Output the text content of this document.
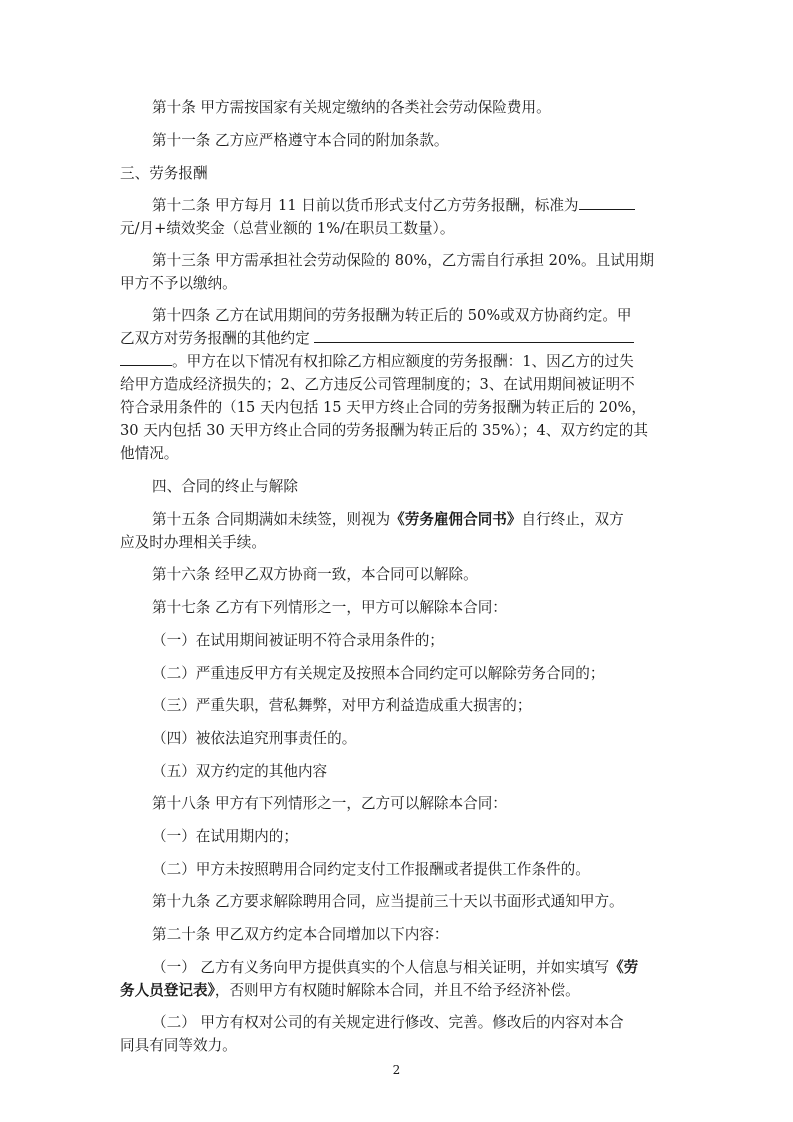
第十条 甲方需按国家有关规定缴纳的各类社会劳动保险费用。

第十一条 乙方应严格遵守本合同的附加条款。

三、劳务报酬

第十二条 甲方每月 11 日前以货币形式支付乙方劳务报酬，标准为

元/月+绩效奖金（总营业额的 1%/在职员工数量）。

第十三条 甲方需承担社会劳动保险的 80%，乙方需自行承担 20%。且试用期

甲方不予以缴纳。

第十四条 乙方在试用期间的劳务报酬为转正后的 50%或双方协商约定。甲

乙双方对劳务报酬的其他约定

。甲方在以下情况有权扣除乙方相应额度的劳务报酬：1、因乙方的过失

给甲方造成经济损失的；2、乙方违反公司管理制度的；3、在试用期间被证明不

符合录用条件的（15 天内包括 15 天甲方终止合同的劳务报酬为转正后的 20%，

30 天内包括 30 天甲方终止合同的劳务报酬为转正后的 35%）；4、双方约定的其

他情况。

四、合同的终止与解除

第十五条 合同期满如未续签，则视为《劳务雇佣合同书》自行终止，双方

应及时办理相关手续。

第十六条 经甲乙双方协商一致，本合同可以解除。

第十七条 乙方有下列情形之一，甲方可以解除本合同：

（一）在试用期间被证明不符合录用条件的；

（二）严重违反甲方有关规定及按照本合同约定可以解除劳务合同的；

（三）严重失职，营私舞弊，对甲方利益造成重大损害的；

（四）被依法追究刑事责任的。

（五）双方约定的其他内容

第十八条 甲方有下列情形之一，乙方可以解除本合同：

（一）在试用期内的；

（二）甲方未按照聘用合同约定支付工作报酬或者提供工作条件的。

第十九条 乙方要求解除聘用合同，应当提前三十天以书面形式通知甲方。

第二十条 甲乙双方约定本合同增加以下内容：

（一） 乙方有义务向甲方提供真实的个人信息与相关证明，并如实填写《劳

务人员登记表》，否则甲方有权随时解除本合同，并且不给予经济补偿。

（二） 甲方有权对公司的有关规定进行修改、完善。修改后的内容对本合

同具有同等效力。

2
